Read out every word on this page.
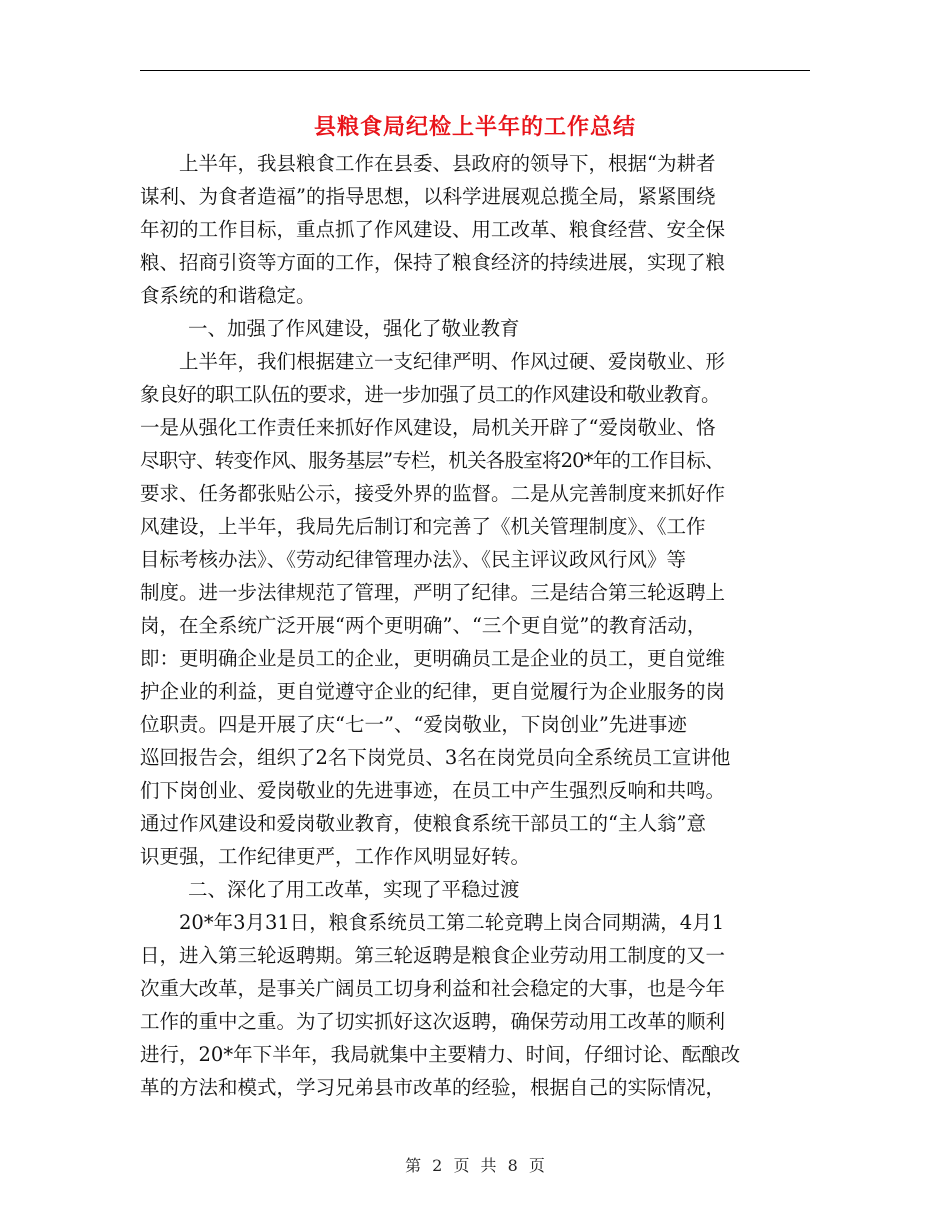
县粮食局纪检上半年的工作总结
上半年，我县粮食工作在县委、县政府的领导下，根据“为耕者
谋利、为食者造福”的指导思想，以科学进展观总揽全局，紧紧围绕
年初的工作目标，重点抓了作风建设、用工改革、粮食经营、安全保
粮、招商引资等方面的工作，保持了粮食经济的持续进展，实现了粮
食系统的和谐稳定。
一、加强了作风建设，强化了敬业教育
上半年，我们根据建立一支纪律严明、作风过硬、爱岗敬业、形
象良好的职工队伍的要求，进一步加强了员工的作风建设和敬业教育。
一是从强化工作责任来抓好作风建设，局机关开辟了“爱岗敬业、恪
尽职守、转变作风、服务基层”专栏，机关各股室将20*年的工作目标、
要求、任务都张贴公示，接受外界的监督。二是从完善制度来抓好作
风建设，上半年，我局先后制订和完善了《机关管理制度》、《工作
目标考核办法》、《劳动纪律管理办法》、《民主评议政风行风》等
制度。进一步法律规范了管理，严明了纪律。三是结合第三轮返聘上
岗，在全系统广泛开展“两个更明确”、“三个更自觉”的教育活动，
即：更明确企业是员工的企业，更明确员工是企业的员工，更自觉维
护企业的利益，更自觉遵守企业的纪律，更自觉履行为企业服务的岗
位职责。四是开展了庆“七一”、“爱岗敬业，下岗创业”先进事迹
巡回报告会，组织了2名下岗党员、3名在岗党员向全系统员工宣讲他
们下岗创业、爱岗敬业的先进事迹，在员工中产生强烈反响和共鸣。
通过作风建设和爱岗敬业教育，使粮食系统干部员工的“主人翁”意
识更强，工作纪律更严，工作作风明显好转。
二、深化了用工改革，实现了平稳过渡
20*年3月31日，粮食系统员工第二轮竞聘上岗合同期满，4月1
日，进入第三轮返聘期。第三轮返聘是粮食企业劳动用工制度的又一
次重大改革，是事关广阔员工切身利益和社会稳定的大事，也是今年
工作的重中之重。为了切实抓好这次返聘，确保劳动用工改革的顺利
进行，20*年下半年，我局就集中主要精力、时间，仔细讨论、酝酿改
革的方法和模式，学习兄弟县市改革的经验，根据自己的实际情况，
第 2 页 共 8 页
